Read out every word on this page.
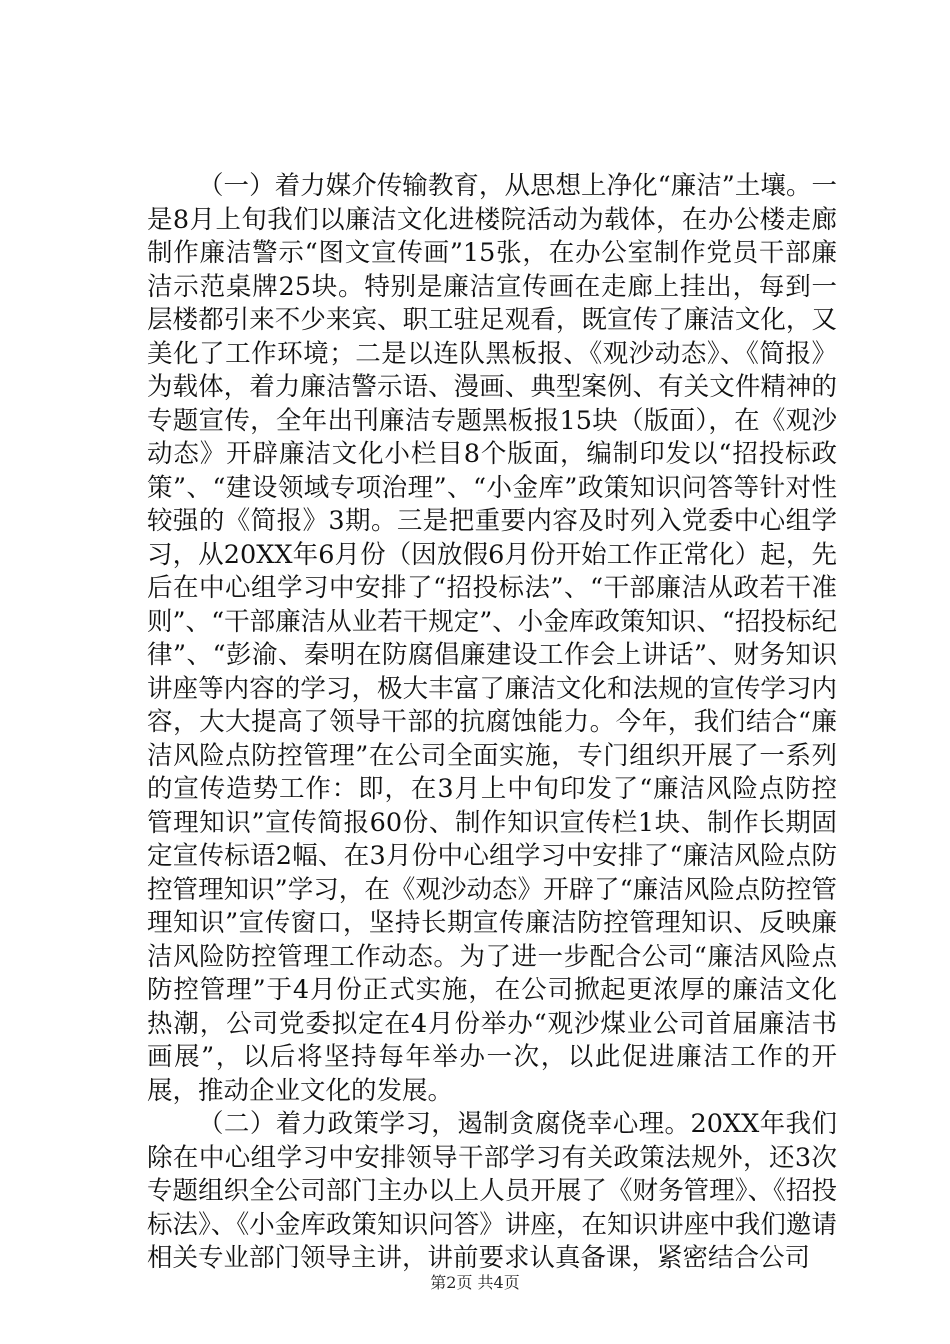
（一）着力媒介传输教育，从思想上净化“廉洁”土壤。一是8月上旬我们以廉洁文化进楼院活动为载体，在办公楼走廊制作廉洁警示“图文宣传画”15张，在办公室制作党员干部廉洁示范桌牌25块。特别是廉洁宣传画在走廊上挂出，每到一层楼都引来不少来宾、职工驻足观看，既宣传了廉洁文化，又美化了工作环境；二是以连队黑板报、《观沙动态》、《简报》为载体，着力廉洁警示语、漫画、典型案例、有关文件精神的专题宣传，全年出刊廉洁专题黑板报15块（版面），在《观沙动态》开辟廉洁文化小栏目8个版面，编制印发以“招投标政策”、“建设领域专项治理”、“小金库”政策知识问答等针对性较强的《简报》3期。三是把重要内容及时列入党委中心组学习，从20XX年6月份（因放假6月份开始工作正常化）起，先后在中心组学习中安排了“招投标法”、“干部廉洁从政若干准则”、“干部廉洁从业若干规定”、小金库政策知识、“招投标纪律”、“彭渝、秦明在防腐倡廉建设工作会上讲话”、财务知识讲座等内容的学习，极大丰富了廉洁文化和法规的宣传学习内容，大大提高了领导干部的抗腐蚀能力。今年，我们结合“廉洁风险点防控管理”在公司全面实施，专门组织开展了一系列的宣传造势工作：即，在3月上中旬印发了“廉洁风险点防控管理知识”宣传简报60份、制作知识宣传栏1块、制作长期固定宣传标语2幅、在3月份中心组学习中安排了“廉洁风险点防控管理知识”学习，在《观沙动态》开辟了“廉洁风险点防控管理知识”宣传窗口，坚持长期宣传廉洁防控管理知识、反映廉洁风险防控管理工作动态。为了进一步配合公司“廉洁风险点防控管理”于4月份正式实施，在公司掀起更浓厚的廉洁文化热潮，公司党委拟定在4月份举办“观沙煤业公司首届廉洁书画展”，以后将坚持每年举办一次，以此促进廉洁工作的开展，推动企业文化的发展。

（二）着力政策学习，遏制贪腐侥幸心理。20XX年我们除在中心组学习中安排领导干部学习有关政策法规外，还3次专题组织全公司部门主办以上人员开展了《财务管理》、《招投标法》、《小金库政策知识问答》讲座，在知识讲座中我们邀请相关专业部门领导主讲，讲前要求认真备课，紧密结合公司

第2页 共4页
